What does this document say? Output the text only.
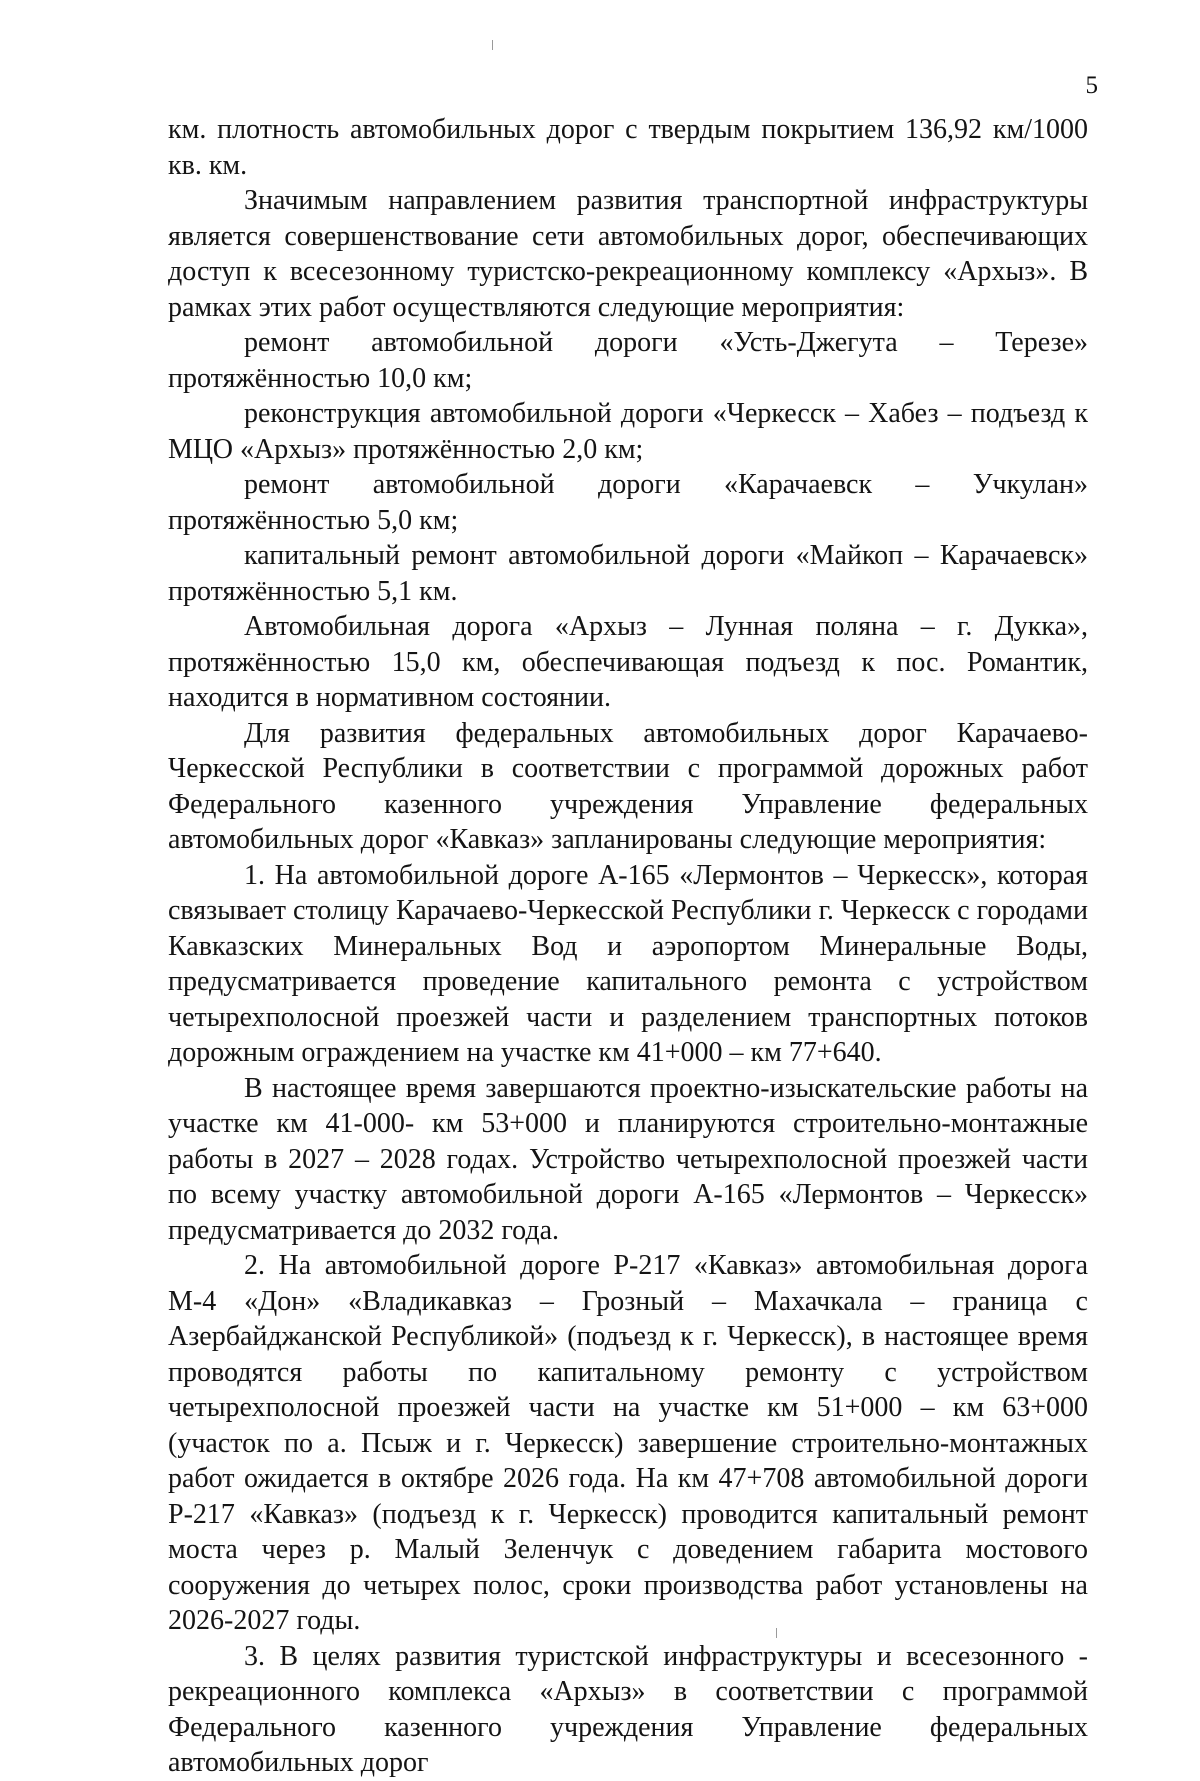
5

км. плотность автомобильных дорог с твердым покрытием 136,92 км/1000 кв. км.

Значимым направлением развития транспортной инфраструктуры является совершенствование сети автомобильных дорог, обеспечивающих доступ к всесезонному туристско-рекреационному комплексу «Архыз». В рамках этих работ осуществляются следующие мероприятия:

ремонт автомобильной дороги «Усть-Джегута – Терезе» протяжённостью 10,0 км;

реконструкция автомобильной дороги «Черкесск – Хабез – подъезд к МЦО «Архыз» протяжённостью 2,0 км;

ремонт автомобильной дороги «Карачаевск – Учкулан» протяжённостью 5,0 км;

капитальный ремонт автомобильной дороги «Майкоп – Карачаевск» протяжённостью 5,1 км.

Автомобильная дорога «Архыз – Лунная поляна – г. Дукка», протяжённостью 15,0 км, обеспечивающая подъезд к пос. Романтик, находится в нормативном состоянии.

Для развития федеральных автомобильных дорог Карачаево-Черкесской Республики в соответствии с программой дорожных работ Федерального казенного учреждения Управление федеральных автомобильных дорог «Кавказ» запланированы следующие мероприятия:

1. На автомобильной дороге А-165 «Лермонтов – Черкесск», которая связывает столицу Карачаево-Черкесской Республики г. Черкесск с городами Кавказских Минеральных Вод и аэропортом Минеральные Воды, предусматривается проведение капитального ремонта с устройством четырехполосной проезжей части и разделением транспортных потоков дорожным ограждением на участке км 41+000 – км 77+640.

В настоящее время завершаются проектно-изыскательские работы на участке км 41-000- км 53+000 и планируются строительно-монтажные работы в 2027 – 2028 годах. Устройство четырехполосной проезжей части по всему участку автомобильной дороги А-165 «Лермонтов – Черкесск» предусматривается до 2032 года.

2. На автомобильной дороге Р-217 «Кавказ» автомобильная дорога М-4 «Дон» «Владикавказ – Грозный – Махачкала – граница с Азербайджанской Республикой» (подъезд к г. Черкесск), в настоящее время проводятся работы по капитальному ремонту с устройством четырехполосной проезжей части на участке км 51+000 – км 63+000 (участок по а. Псыж и г. Черкесск) завершение строительно-монтажных работ ожидается в октябре 2026 года. На км 47+708 автомобильной дороги Р-217 «Кавказ» (подъезд к г. Черкесск) проводится капитальный ремонт моста через р. Малый Зеленчук с доведением габарита мостового сооружения до четырех полос, сроки производства работ установлены на 2026-2027 годы.

3. В целях развития туристской инфраструктуры и всесезонного - рекреационного комплекса «Архыз» в соответствии с программой Федерального казенного учреждения Управление федеральных автомобильных дорог
